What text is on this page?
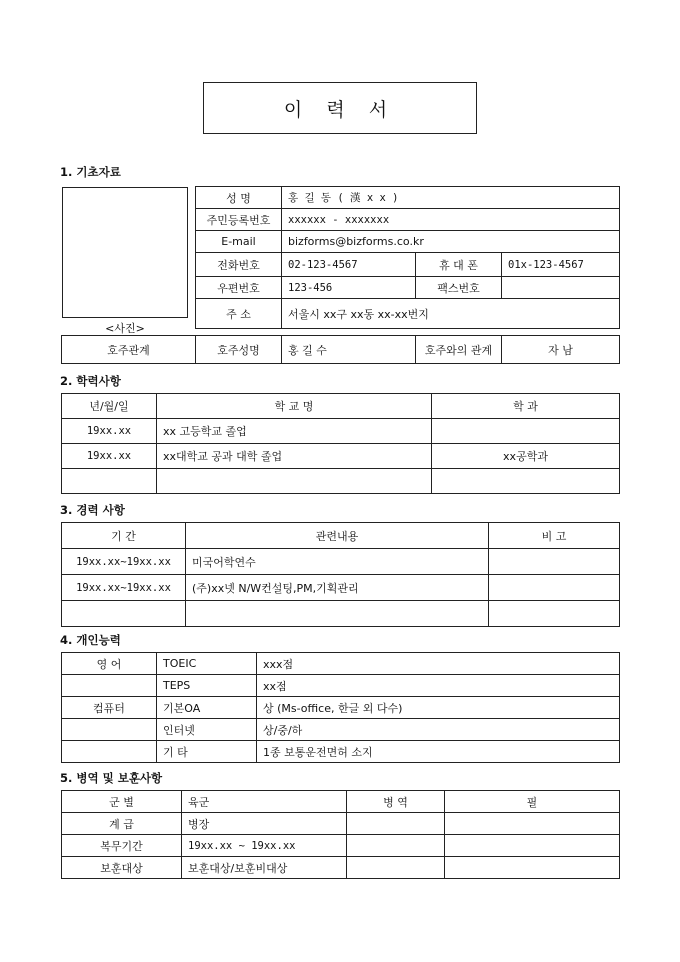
이 력 서
1. 기초자료
<사진>
성 명	홍 길 동 ( 漢 x x )		
주민등록번호	xxxxxx - xxxxxxx		
E-mail	bizforms@bizforms.co.kr		
전화번호	02-123-4567	휴 대 폰	01x-123-4567
우편번호	123-456	팩스번호	
주 소	서울시 xx구 xx동 xx-xx번지		
호주관계	호주성명	홍 길 수	호주와의 관계	자 남
2. 학력사항
년/월/일	학 교 명	학 과
19xx.xx	xx 고등학교 졸업	
19xx.xx	xx대학교 공과 대학 졸업	xx공학과

3. 경력 사항
기 간	관련내용	비 고
19xx.xx~19xx.xx	미국어학연수	
19xx.xx~19xx.xx	(주)xx넷 N/W컨설팅,PM,기획관리	

4. 개인능력
영 어	TOEIC	xxx점
	TEPS	xx점
컴퓨터	기본OA	상 (Ms-office, 한글 외 다수)
	인터넷	상/중/하
	기 타	1종 보통운전면허 소지
5. 병역 및 보훈사항
군 별	육군	병 역	필
계 급	병장		
복무기간	19xx.xx ~ 19xx.xx		
보훈대상	보훈대상/보훈비대상		
